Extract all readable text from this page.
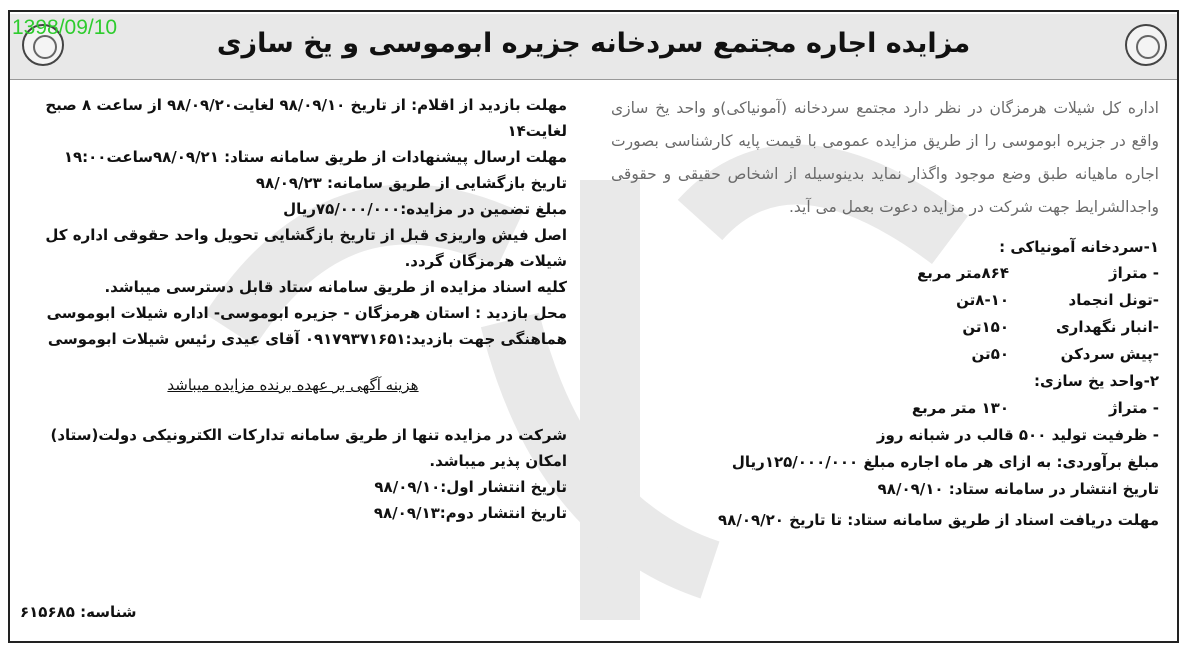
مزایده اجاره مجتمع سردخانه جزیره ابوموسی و یخ سازی
1398/09/10
اداره کل شیلات هرمزگان در نظر دارد مجتمع سردخانه (آمونیاکی)و واحد یخ سازی واقع در جزیره ابوموسی را از طریق مزایده عمومی با قیمت پایه کارشناسی بصورت اجاره ماهیانه طبق وضع موجود واگذار نماید بدینوسیله از اشخاص حقیقی و حقوقی واجدالشرایط جهت شرکت در مزایده دعوت بعمل می آید.
۱-سردخانه آمونیاکی :
- متراژ
۸۶۴متر مربع
-تونل انجماد
۸-۱۰تن
-انبار نگهداری
۱۵۰تن
-پیش سردکن
۵۰تن
۲-واحد یخ سازی:
- متراژ
۱۳۰ متر مربع
- ظرفیت تولید ۵۰۰ قالب در شبانه روز
مبلغ برآوردی: به ازای هر ماه اجاره مبلغ ۱۲۵/۰۰۰/۰۰۰ریال
تاریخ انتشار در سامانه ستاد: ۹۸/۰۹/۱۰
مهلت دریافت اسناد از طریق سامانه ستاد: تا تاریخ ۹۸/۰۹/۲۰
مهلت بازدید از اقلام: از تاریخ ۹۸/۰۹/۱۰ لغایت۹۸/۰۹/۲۰ از ساعت ۸ صبح لغایت۱۴
مهلت ارسال پیشنهادات از طریق سامانه ستاد: ۹۸/۰۹/۲۱ساعت۱۹:۰۰
تاریخ بازگشایی از طریق سامانه: ۹۸/۰۹/۲۳
مبلغ تضمین در مزایده:۷۵/۰۰۰/۰۰۰ریال
اصل فیش واریزی قبل از تاریخ بازگشایی تحویل واحد حقوقی اداره کل شیلات هرمزگان گردد.
کلیه اسناد مزایده از طریق سامانه ستاد قابل دسترسی میباشد.
محل بازدید : استان هرمزگان - جزیره ابوموسی- اداره شیلات ابوموسی
هماهنگی جهت بازدید:۰۹۱۷۹۳۷۱۶۵۱ آقای عیدی رئیس شیلات ابوموسی
هزینه آگهی بر عهده برنده مزایده میباشد
شرکت در مزایده تنها از طریق سامانه تدارکات الکترونیکی دولت(ستاد) امکان پذیر میباشد.
تاریخ انتشار اول:۹۸/۰۹/۱۰
تاریخ انتشار دوم:۹۸/۰۹/۱۳
شناسه: ۶۱۵۶۸۵
